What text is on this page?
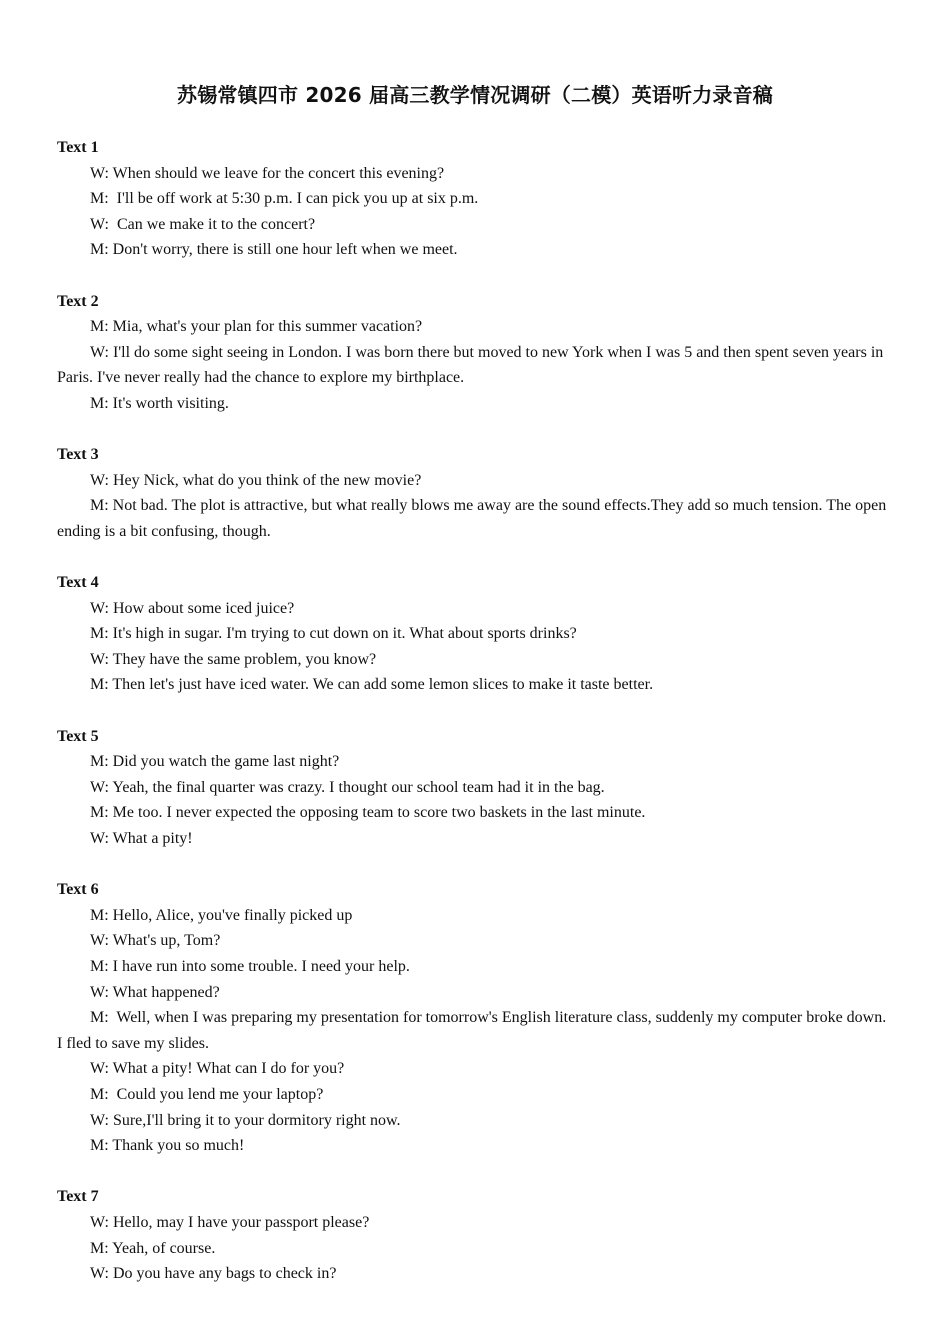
苏锡常镇四市 2026 届高三教学情况调研（二模）英语听力录音稿

Text 1

W: When should we leave for the concert this evening?

M:  I'll be off work at 5:30 p.m. I can pick you up at six p.m.

W:  Can we make it to the concert?

M: Don't worry, there is still one hour left when we meet.

Text 2

M: Mia, what's your plan for this summer vacation?

W: I'll do some sight seeing in London. I was born there but moved to new York when I was 5 and then spent seven years in Paris. I've never really had the chance to explore my birthplace.

M: It's worth visiting.

Text 3

W: Hey Nick, what do you think of the new movie?

M: Not bad. The plot is attractive, but what really blows me away are the sound effects.They add so much tension. The open ending is a bit confusing, though.

Text 4

W: How about some iced juice?

M: It's high in sugar. I'm trying to cut down on it. What about sports drinks?

W: They have the same problem, you know?

M: Then let's just have iced water. We can add some lemon slices to make it taste better.

Text 5

M: Did you watch the game last night?

W: Yeah, the final quarter was crazy. I thought our school team had it in the bag.

M: Me too. I never expected the opposing team to score two baskets in the last minute.

W: What a pity!

Text 6

M: Hello, Alice, you've finally picked up

W: What's up, Tom?

M: I have run into some trouble. I need your help.

W: What happened?

M:  Well, when I was preparing my presentation for tomorrow's English literature class, suddenly my computer broke down. I fled to save my slides.

W: What a pity! What can I do for you?

M:  Could you lend me your laptop?

W: Sure,I'll bring it to your dormitory right now.

M: Thank you so much!

Text 7

W: Hello, may I have your passport please?

M: Yeah, of course.

W: Do you have any bags to check in?
